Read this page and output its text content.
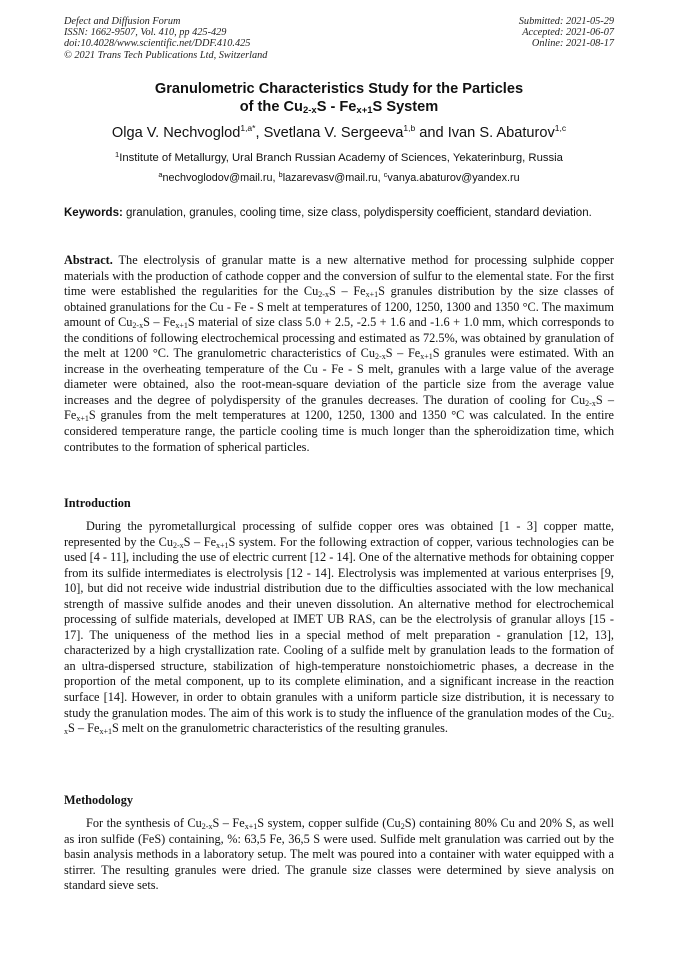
Defect and Diffusion Forum
ISSN: 1662-9507, Vol. 410, pp 425-429
doi:10.4028/www.scientific.net/DDF.410.425
© 2021 Trans Tech Publications Ltd, Switzerland
Submitted: 2021-05-29
Accepted: 2021-06-07
Online: 2021-08-17
Granulometric Characteristics Study for the Particles
of the $Cu_{2-x}S - Fe_{x+1}S$ System
Olga V. Nechvoglod$^{1,a*}$, Svetlana V. Sergeeva$^{1,b}$ and Ivan S. Abaturov$^{1,c}$
$^1$Institute of Metallurgy, Ural Branch Russian Academy of Sciences, Yekaterinburg, Russia
$^a$nechvoglodov@mail.ru, $^b$lazarevasv@mail.ru, $^c$vanya.abaturov@yandex.ru
Keywords: granulation, granules, cooling time, size class, polydispersity coefficient, standard deviation.
Abstract. The electrolysis of granular matte is a new alternative method for processing sulphide copper materials with the production of cathode copper and the conversion of sulfur to the elemental state. For the first time were established the regularities for the $Cu_{2-x}S - Fe_{x+1}S$ granules distribution by the size classes of obtained granulations for the Cu - Fe - S melt at temperatures of 1200, 1250, 1300 and 1350 °C. The maximum amount of $Cu_{2-x}S - Fe_{x+1}S$ material of size class 5.0 + 2.5, -2.5 + 1.6 and -1.6 + 1.0 mm, which corresponds to the conditions of following electrochemical processing and estimated as 72.5%, was obtained by granulation of the melt at 1200 °C. The granulometric characteristics of $Cu_{2-x}S - Fe_{x+1}S$ granules were estimated. With an increase in the overheating temperature of the Cu - Fe - S melt, granules with a large value of the average diameter were obtained, also the root-mean-square deviation of the particle size from the average value increases and the degree of polydispersity of the granules decreases. The duration of cooling for $Cu_{2-x}S - Fe_{x+1}S$ granules from the melt temperatures at 1200, 1250, 1300 and 1350 °C was calculated. In the entire considered temperature range, the particle cooling time is much longer than the spheroidization time, which contributes to the formation of spherical particles.
Introduction
During the pyrometallurgical processing of sulfide copper ores was obtained [1 - 3] copper matte, represented by the $Cu_{2-x}S - Fe_{x+1}S$ system. For the following extraction of copper, various technologies can be used [4 - 11], including the use of electric current [12 - 14]. One of the alternative methods for obtaining copper from its sulfide intermediates is electrolysis [12 - 14]. Electrolysis was implemented at various enterprises [9, 10], but did not receive wide industrial distribution due to the difficulties associated with the low mechanical strength of massive sulfide anodes and their uneven dissolution. An alternative method for electrochemical processing of sulfide materials, developed at IMET UB RAS, can be the electrolysis of granular alloys [15 - 17]. The uniqueness of the method lies in a special method of melt preparation - granulation [12, 13], characterized by a high crystallization rate. Cooling of a sulfide melt by granulation leads to the formation of an ultra-dispersed structure, stabilization of high-temperature nonstoichiometric phases, a decrease in the proportion of the metal component, up to its complete elimination, and a significant increase in the reaction surface [14]. However, in order to obtain granules with a uniform particle size distribution, it is necessary to study the granulation modes. The aim of this work is to study the influence of the granulation modes of the $Cu_{2-x}S - Fe_{x+1}S$ melt on the granulometric characteristics of the resulting granules.
Methodology
For the synthesis of $Cu_{2-x}S - Fe_{x+1}S$ system, copper sulfide $(Cu_2S)$ containing 80% Cu and 20% S, as well as iron sulfide (FeS) containing, %: 63,5 Fe, 36,5 S were used. Sulfide melt granulation was carried out by the basin analysis methods in a laboratory setup. The melt was poured into a container with water equipped with a stirrer. The resulting granules were dried. The granule size classes were determined by sieve analysis on standard sieve sets.
